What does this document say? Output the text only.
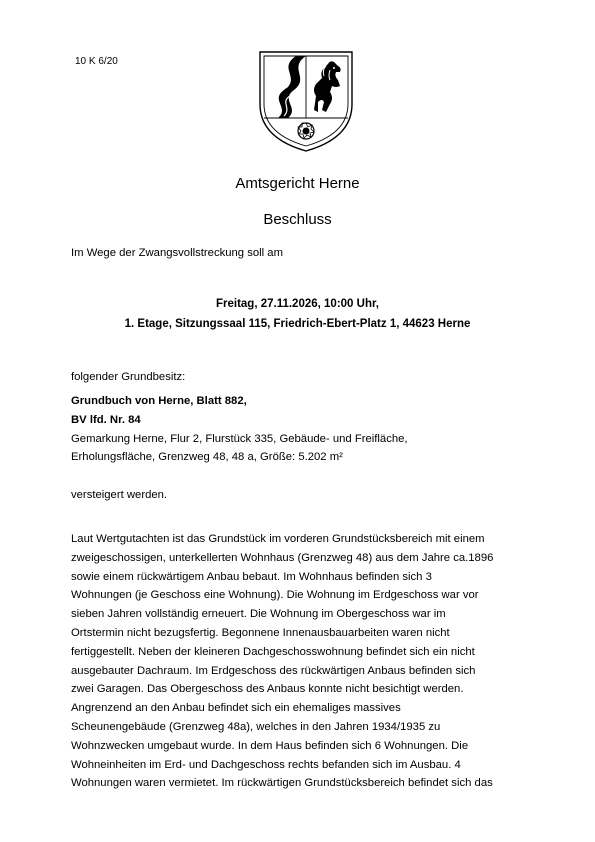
10 K 6/20
Amtsgericht Herne
Beschluss
Im Wege der Zwangsvollstreckung soll am
Freitag, 27.11.2026, 10:00 Uhr,
1. Etage, Sitzungssaal 115, Friedrich-Ebert-Platz 1, 44623 Herne
folgender Grundbesitz:
Grundbuch von Herne, Blatt 882,
BV lfd. Nr. 84
Gemarkung Herne, Flur 2, Flurstück 335, Gebäude- und Freifläche,
Erholungsfläche, Grenzweg 48, 48 a, Größe: 5.202 m²
versteigert werden.
Laut Wertgutachten ist das Grundstück im vorderen Grundstücksbereich mit einem
zweigeschossigen, unterkellerten Wohnhaus (Grenzweg 48) aus dem Jahre ca.1896
sowie einem rückwärtigem Anbau bebaut. Im Wohnhaus befinden sich 3
Wohnungen (je Geschoss eine Wohnung). Die Wohnung im Erdgeschoss war vor
sieben Jahren vollständig erneuert. Die Wohnung im Obergeschoss war im
Ortstermin nicht bezugsfertig. Begonnene Innenausbauarbeiten waren nicht
fertiggestellt. Neben der kleineren Dachgeschosswohnung befindet sich ein nicht
ausgebauter Dachraum. Im Erdgeschoss des rückwärtigen Anbaus befinden sich
zwei Garagen. Das Obergeschoss des Anbaus konnte nicht besichtigt werden.
Angrenzend an den Anbau befindet sich ein ehemaliges massives
Scheunengebäude (Grenzweg 48a), welches in den Jahren 1934/1935 zu
Wohnzwecken umgebaut wurde. In dem Haus befinden sich 6 Wohnungen. Die
Wohneinheiten im Erd- und Dachgeschoss rechts befanden sich im Ausbau. 4
Wohnungen waren vermietet. Im rückwärtigen Grundstücksbereich befindet sich das
